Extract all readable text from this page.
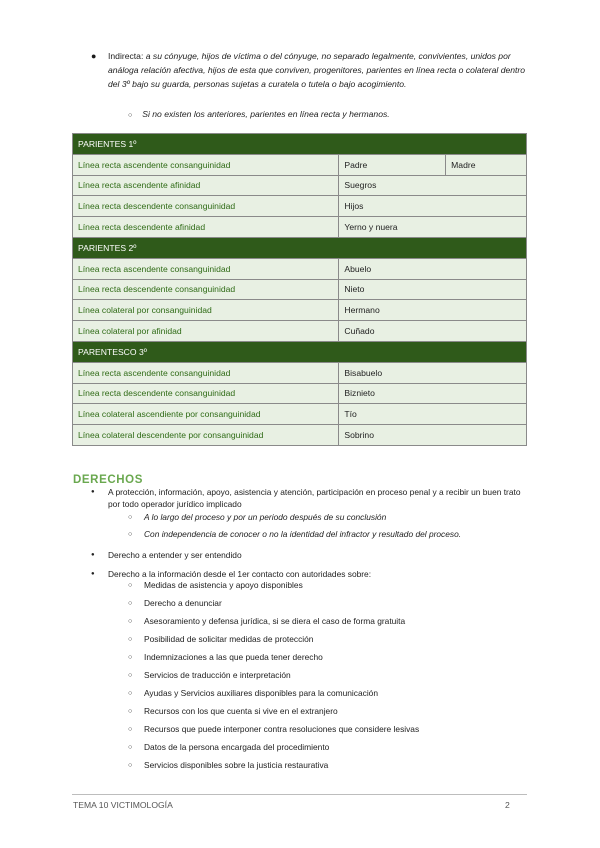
● Indirecta: a su cónyuge, hijos de víctima o del cónyuge, no separado legalmente, convivientes, unidos por análoga relación afectiva, hijos de esta que conviven, progenitores, parientes en línea recta o colateral dentro del 3º bajo su guarda, personas sujetas a curatela o tutela o bajo acogimiento.
○ Si no existen los anteriores, parientes en línea recta y hermanos.
PARIENTES 1º		
Línea recta ascendente consanguinidad	Padre	Madre
Línea recta ascendente afinidad	Suegros	
Línea recta descendente consanguinidad	Hijos	
Línea recta descendente afinidad	Yerno y nuera	
PARIENTES 2º		
Línea recta ascendente consanguinidad	Abuelo	
Línea recta descendente consanguinidad	Nieto	
Línea colateral por consanguinidad	Hermano	
Línea colateral por afinidad	Cuñado	
PARENTESCO 3º		
Línea recta ascendente consanguinidad	Bisabuelo	
Línea recta descendente consanguinidad	Biznieto	
Línea colateral ascendiente por consanguinidad	Tío	
Línea colateral descendente por consanguinidad	Sobrino	
DERECHOS
● A protección, información, apoyo, asistencia y atención, participación en proceso penal y a recibir un buen trato por todo operador jurídico implicado
○ A lo largo del proceso y por un periodo después de su conclusión
○ Con independencia de conocer o no la identidad del infractor y resultado del proceso.
● Derecho a entender y ser entendido
● Derecho a la información desde el 1er contacto con autoridades sobre:
○ Medidas de asistencia y apoyo disponibles
○ Derecho a denunciar
○ Asesoramiento y defensa jurídica, si se diera el caso de forma gratuita
○ Posibilidad de solicitar medidas de protección
○ Indemnizaciones a las que pueda tener derecho
○ Servicios de traducción e interpretación
○ Ayudas y Servicios auxiliares disponibles para la comunicación
○ Recursos con los que cuenta si vive en el extranjero
○ Recursos que puede interponer contra resoluciones que considere lesivas
○ Datos de la persona encargada del procedimiento
○ Servicios disponibles sobre la justicia restaurativa
TEMA 10 VICTIMOLOGÍA	2
